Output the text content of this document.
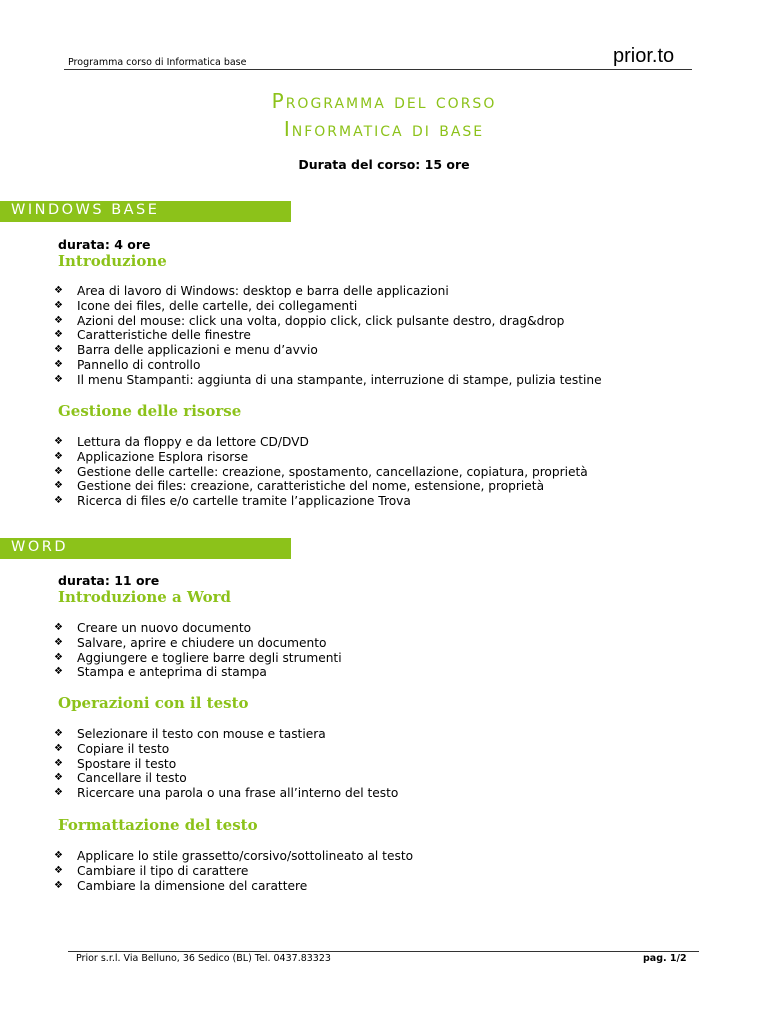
Programma corso di Informatica base	prior.to
Programma del corso
Informatica di base
Durata del corso: 15 ore
WINDOWS BASE
durata: 4 ore
Introduzione
❖ Area di lavoro di Windows: desktop e barra delle applicazioni
❖ Icone dei files, delle cartelle, dei collegamenti
❖ Azioni del mouse: click una volta, doppio click, click pulsante destro, drag&drop
❖ Caratteristiche delle finestre
❖ Barra delle applicazioni e menu d’avvio
❖ Pannello di controllo
❖ Il menu Stampanti: aggiunta di una stampante, interruzione di stampe, pulizia testine
Gestione delle risorse
❖ Lettura da floppy e da lettore CD/DVD
❖ Applicazione Esplora risorse
❖ Gestione delle cartelle: creazione, spostamento, cancellazione, copiatura, proprietà
❖ Gestione dei files: creazione, caratteristiche del nome, estensione, proprietà
❖ Ricerca di files e/o cartelle tramite l’applicazione Trova
WORD
durata: 11 ore
Introduzione a Word
❖ Creare un nuovo documento
❖ Salvare, aprire e chiudere un documento
❖ Aggiungere e togliere barre degli strumenti
❖ Stampa e anteprima di stampa
Operazioni con il testo
❖ Selezionare il testo con mouse e tastiera
❖ Copiare il testo
❖ Spostare il testo
❖ Cancellare il testo
❖ Ricercare una parola o una frase all’interno del testo
Formattazione del testo
❖ Applicare lo stile grassetto/corsivo/sottolineato al testo
❖ Cambiare il tipo di carattere
❖ Cambiare la dimensione del carattere
Prior s.r.l. Via Belluno, 36 Sedico (BL) Tel. 0437.83323	pag. 1/2
